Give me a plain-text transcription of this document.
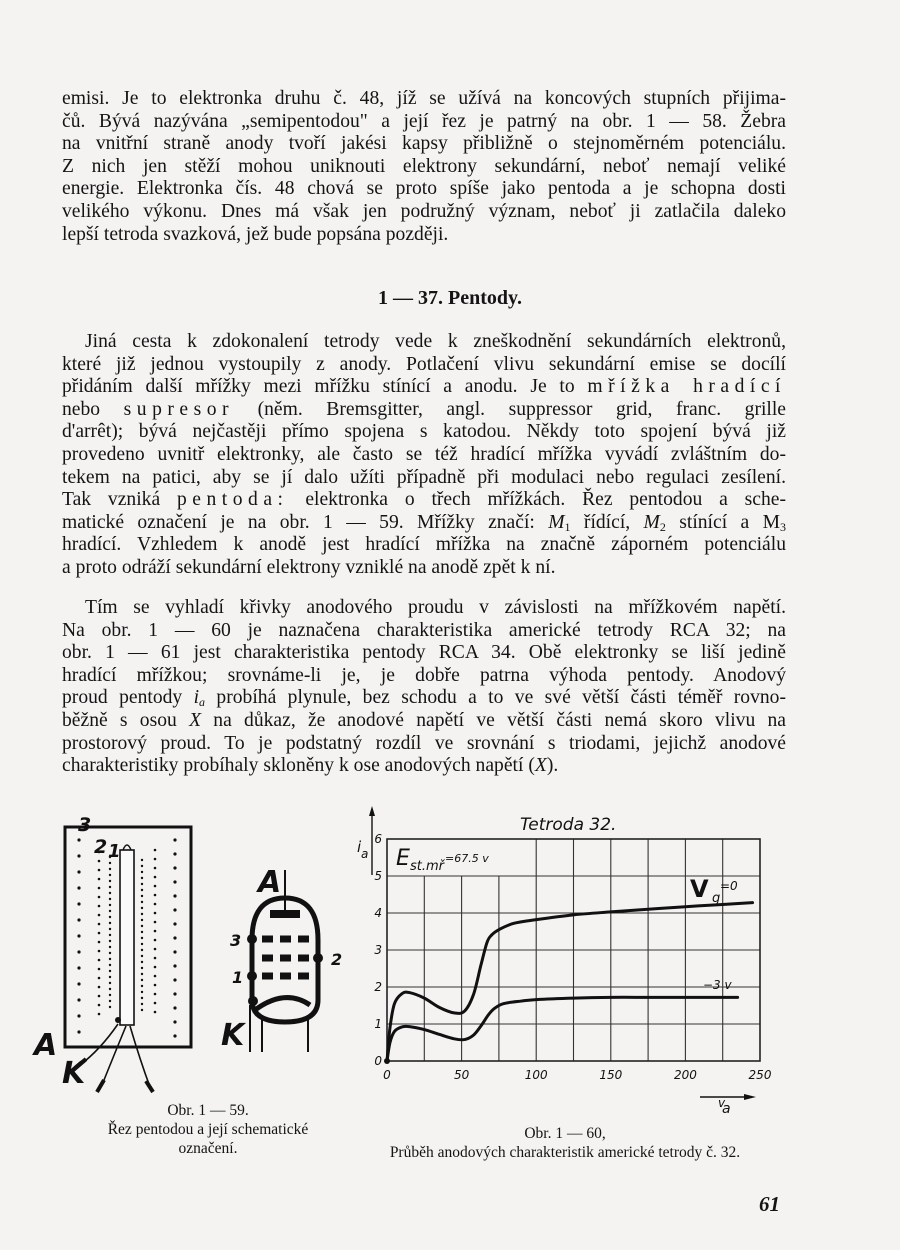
emisi. Je to elektronka druhu č. 48, jíž se užívá na koncových stupních přijima-
čů. Bývá nazývána „semipentodou" a její řez je patrný na obr. 1 — 58. Žebra
na vnitřní straně anody tvoří jakési kapsy přibližně o stejnoměrném potenciálu.
Z nich jen stěží mohou uniknouti elektrony sekundární, neboť nemají veliké
energie. Elektronka čís. 48 chová se proto spíše jako pentoda a je schopna dosti
velikého výkonu. Dnes má však jen podružný význam, neboť ji zatlačila daleko
lepší tetroda svazková, jež bude popsána později.
1 — 37. Pentody.
Jiná cesta k zdokonalení tetrody vede k zneškodnění sekundárních elektronů,
které již jednou vystoupily z anody. Potlačení vlivu sekundární emise se docílí
přidáním další mřížky mezi mřížku stínící a anodu. Je to mřížka hradící
nebo supresor (něm. Bremsgitter, angl. suppressor grid, franc. grille
d'arrêt); bývá nejčastěji přímo spojena s katodou. Někdy toto spojení bývá již
provedeno uvnitř elektronky, ale často se též hradící mřížka vyvádí zvláštním do-
tekem na patici, aby se jí dalo užíti případně při modulaci nebo regulaci zesílení.
Tak vzniká pentoda: elektronka o třech mřížkách. Řez pentodou a sche-
matické označení je na obr. 1 — 59. Mřížky značí: $M_1$ řídící, $M_2$ stínící a $M_3$
hradící. Vzhledem k anodě jest hradící mřížka na značně záporném potenciálu
a proto odráží sekundární elektrony vzniklé na anodě zpět k ní.
Tím se vyhladí křivky anodového proudu v závislosti na mřížkovém napětí.
Na obr. 1 — 60 je naznačena charakteristika americké tetrody RCA 32; na
obr. 1 — 61 jest charakteristika pentody RCA 34. Obě elektronky se liší jedině
hradící mřížkou; srovnáme-li je, je dobře patrna výhoda pentody. Anodový
proud pentody $i_a$ probíhá plynule, bez schodu a to ve své větší části téměř rovno-
běžně s osou X na důkaz, že anodové napětí ve větší části nemá skoro vlivu na
prostorový proud. To je podstatný rozdíl ve srovnání s triodami, jejichž anodové
charakteristiky probíhaly skloněny k ose anodových napětí (X).
3
2 1
A
K
A
3
1
2
K
0	50	100	150	200	250
0
1
2
3
4
5
6
Tetroda 32.
E st.mř
=67.5 v
V g
=0
−3 v
i a
v
a
Obr. 1 — 59.
Řez pentodou a její schematické
označení.
Obr. 1 — 60,
Průběh anodových charakteristik americké tetrody č. 32.
61
